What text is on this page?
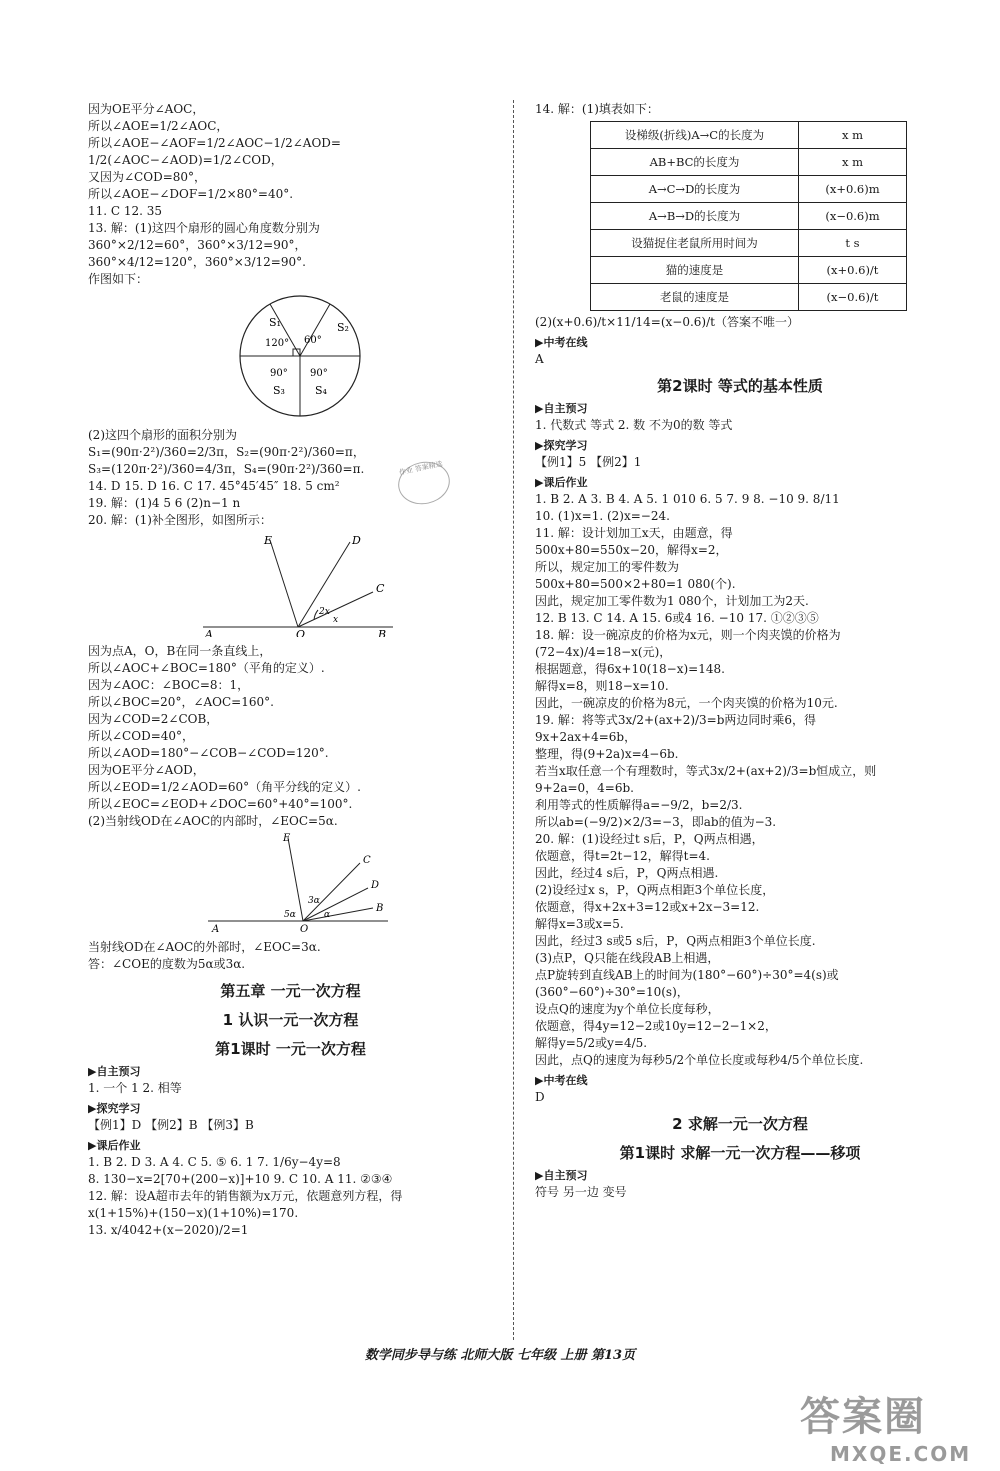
因为OE平分∠AOC，
所以∠AOE=1/2∠AOC，
所以∠AOE−∠AOF=1/2∠AOC−1/2∠AOD=
1/2(∠AOC−∠AOD)=1/2∠COD，
又因为∠COD=80°，
所以∠AOE−∠DOF=1/2×80°=40°.
11. C 12. 35
13. 解：(1)这四个扇形的圆心角度数分别为
360°×2/12=60°，360°×3/12=90°，
360°×4/12=120°，360°×3/12=90°.
作图如下：
S₁	S₂
S₃	S₄
120° 60°
90° 90°
(2)这四个扇形的面积分别为
S₁=(90π·2²)/360=2/3π，S₂=(90π·2²)/360=π，
S₃=(120π·2²)/360=4/3π，S₄=(90π·2²)/360=π.
14. D 15. D 16. C 17. 45°45′45″ 18. 5 cm²
19. 解：(1)4 5 6 (2)n−1 n
20. 解：(1)补全图形，如图所示：
E	D
C
A	O	B
2x
x
因为点A，O，B在同一条直线上，
所以∠AOC+∠BOC=180°（平角的定义）.
因为∠AOC：∠BOC=8：1，
所以∠BOC=20°，∠AOC=160°.
因为∠COD=2∠COB，
所以∠COD=40°，
所以∠AOD=180°−∠COB−∠COD=120°.
因为OE平分∠AOD，
所以∠EOD=1/2∠AOD=60°（角平分线的定义）.
所以∠EOC=∠EOD+∠DOC=60°+40°=100°.
(2)当射线OD在∠AOC的内部时，∠EOC=5α.
E
C
D
B
A	O
3α
5α	α
当射线OD在∠AOC的外部时，∠EOC=3α.
答：∠COE的度数为5α或3α.
第五章 一元一次方程
1 认识一元一次方程
第1课时 一元一次方程
▶自主预习
1. 一个 1 2. 相等
▶探究学习
【例1】D 【例2】B 【例3】B
▶课后作业
1. B 2. D 3. A 4. C 5. ⑤ 6. 1 7. 1/6y−4y=8
8. 130−x=2[70+(200−x)]+10 9. C 10. A 11. ②③④
12. 解：设A超市去年的销售额为x万元，依题意列方程，得
x(1+15%)+(150−x)(1+10%)=170.
13. x/4042+(x−2020)/2=1
作业 答案精选
14. 解：(1)填表如下：
设梯级(折线)A→C的长度为	x m
AB+BC的长度为	x m
A→C→D的长度为	(x+0.6)m
A→B→D的长度为	(x−0.6)m
设猫捉住老鼠所用时间为	t s
猫的速度是	(x+0.6)/t
老鼠的速度是	(x−0.6)/t
(2)(x+0.6)/t×11/14=(x−0.6)/t（答案不唯一）
▶中考在线
A
第2课时 等式的基本性质
▶自主预习
1. 代数式 等式 2. 数 不为0的数 等式
▶探究学习
【例1】5 【例2】1
▶课后作业
1. B 2. A 3. B 4. A 5. 1 010 6. 5 7. 9 8. −10 9. 8/11
10. (1)x=1. (2)x=−24.
11. 解：设计划加工x天，由题意，得
500x+80=550x−20，解得x=2，
所以，规定加工的零件数为
500x+80=500×2+80=1 080(个).
因此，规定加工零件数为1 080个，计划加工为2天.
12. B 13. C 14. A 15. 6或4 16. −10 17. ①②③⑤
18. 解：设一碗凉皮的价格为x元，则一个肉夹馍的价格为
(72−4x)/4=18−x(元)，
根据题意，得6x+10(18−x)=148.
解得x=8，则18−x=10.
因此，一碗凉皮的价格为8元，一个肉夹馍的价格为10元.
19. 解：将等式3x/2+(ax+2)/3=b两边同时乘6，得
9x+2ax+4=6b，
整理，得(9+2a)x=4−6b.
若当x取任意一个有理数时，等式3x/2+(ax+2)/3=b恒成立，则
9+2a=0，4=6b.
利用等式的性质解得a=−9/2，b=2/3.
所以ab=(−9/2)×2/3=−3，即ab的值为−3.
20. 解：(1)设经过t s后，P，Q两点相遇，
依题意，得t=2t−12，解得t=4.
因此，经过4 s后，P，Q两点相遇.
(2)设经过x s，P，Q两点相距3个单位长度，
依题意，得x+2x+3=12或x+2x−3=12.
解得x=3或x=5.
因此，经过3 s或5 s后，P，Q两点相距3个单位长度.
(3)点P，Q只能在线段AB上相遇，
点P旋转到直线AB上的时间为(180°−60°)÷30°=4(s)或
(360°−60°)÷30°=10(s)，
设点Q的速度为y个单位长度每秒，
依题意，得4y=12−2或10y=12−2−1×2，
解得y=5/2或y=4/5.
因此，点Q的速度为每秒5/2个单位长度或每秒4/5个单位长度.
▶中考在线
D
2 求解一元一次方程
第1课时 求解一元一次方程——移项
▶自主预习
符号 另一边 变号
数学同步导与练 北师大版 七年级 上册 第13页
答案圈
MXQE.COM
